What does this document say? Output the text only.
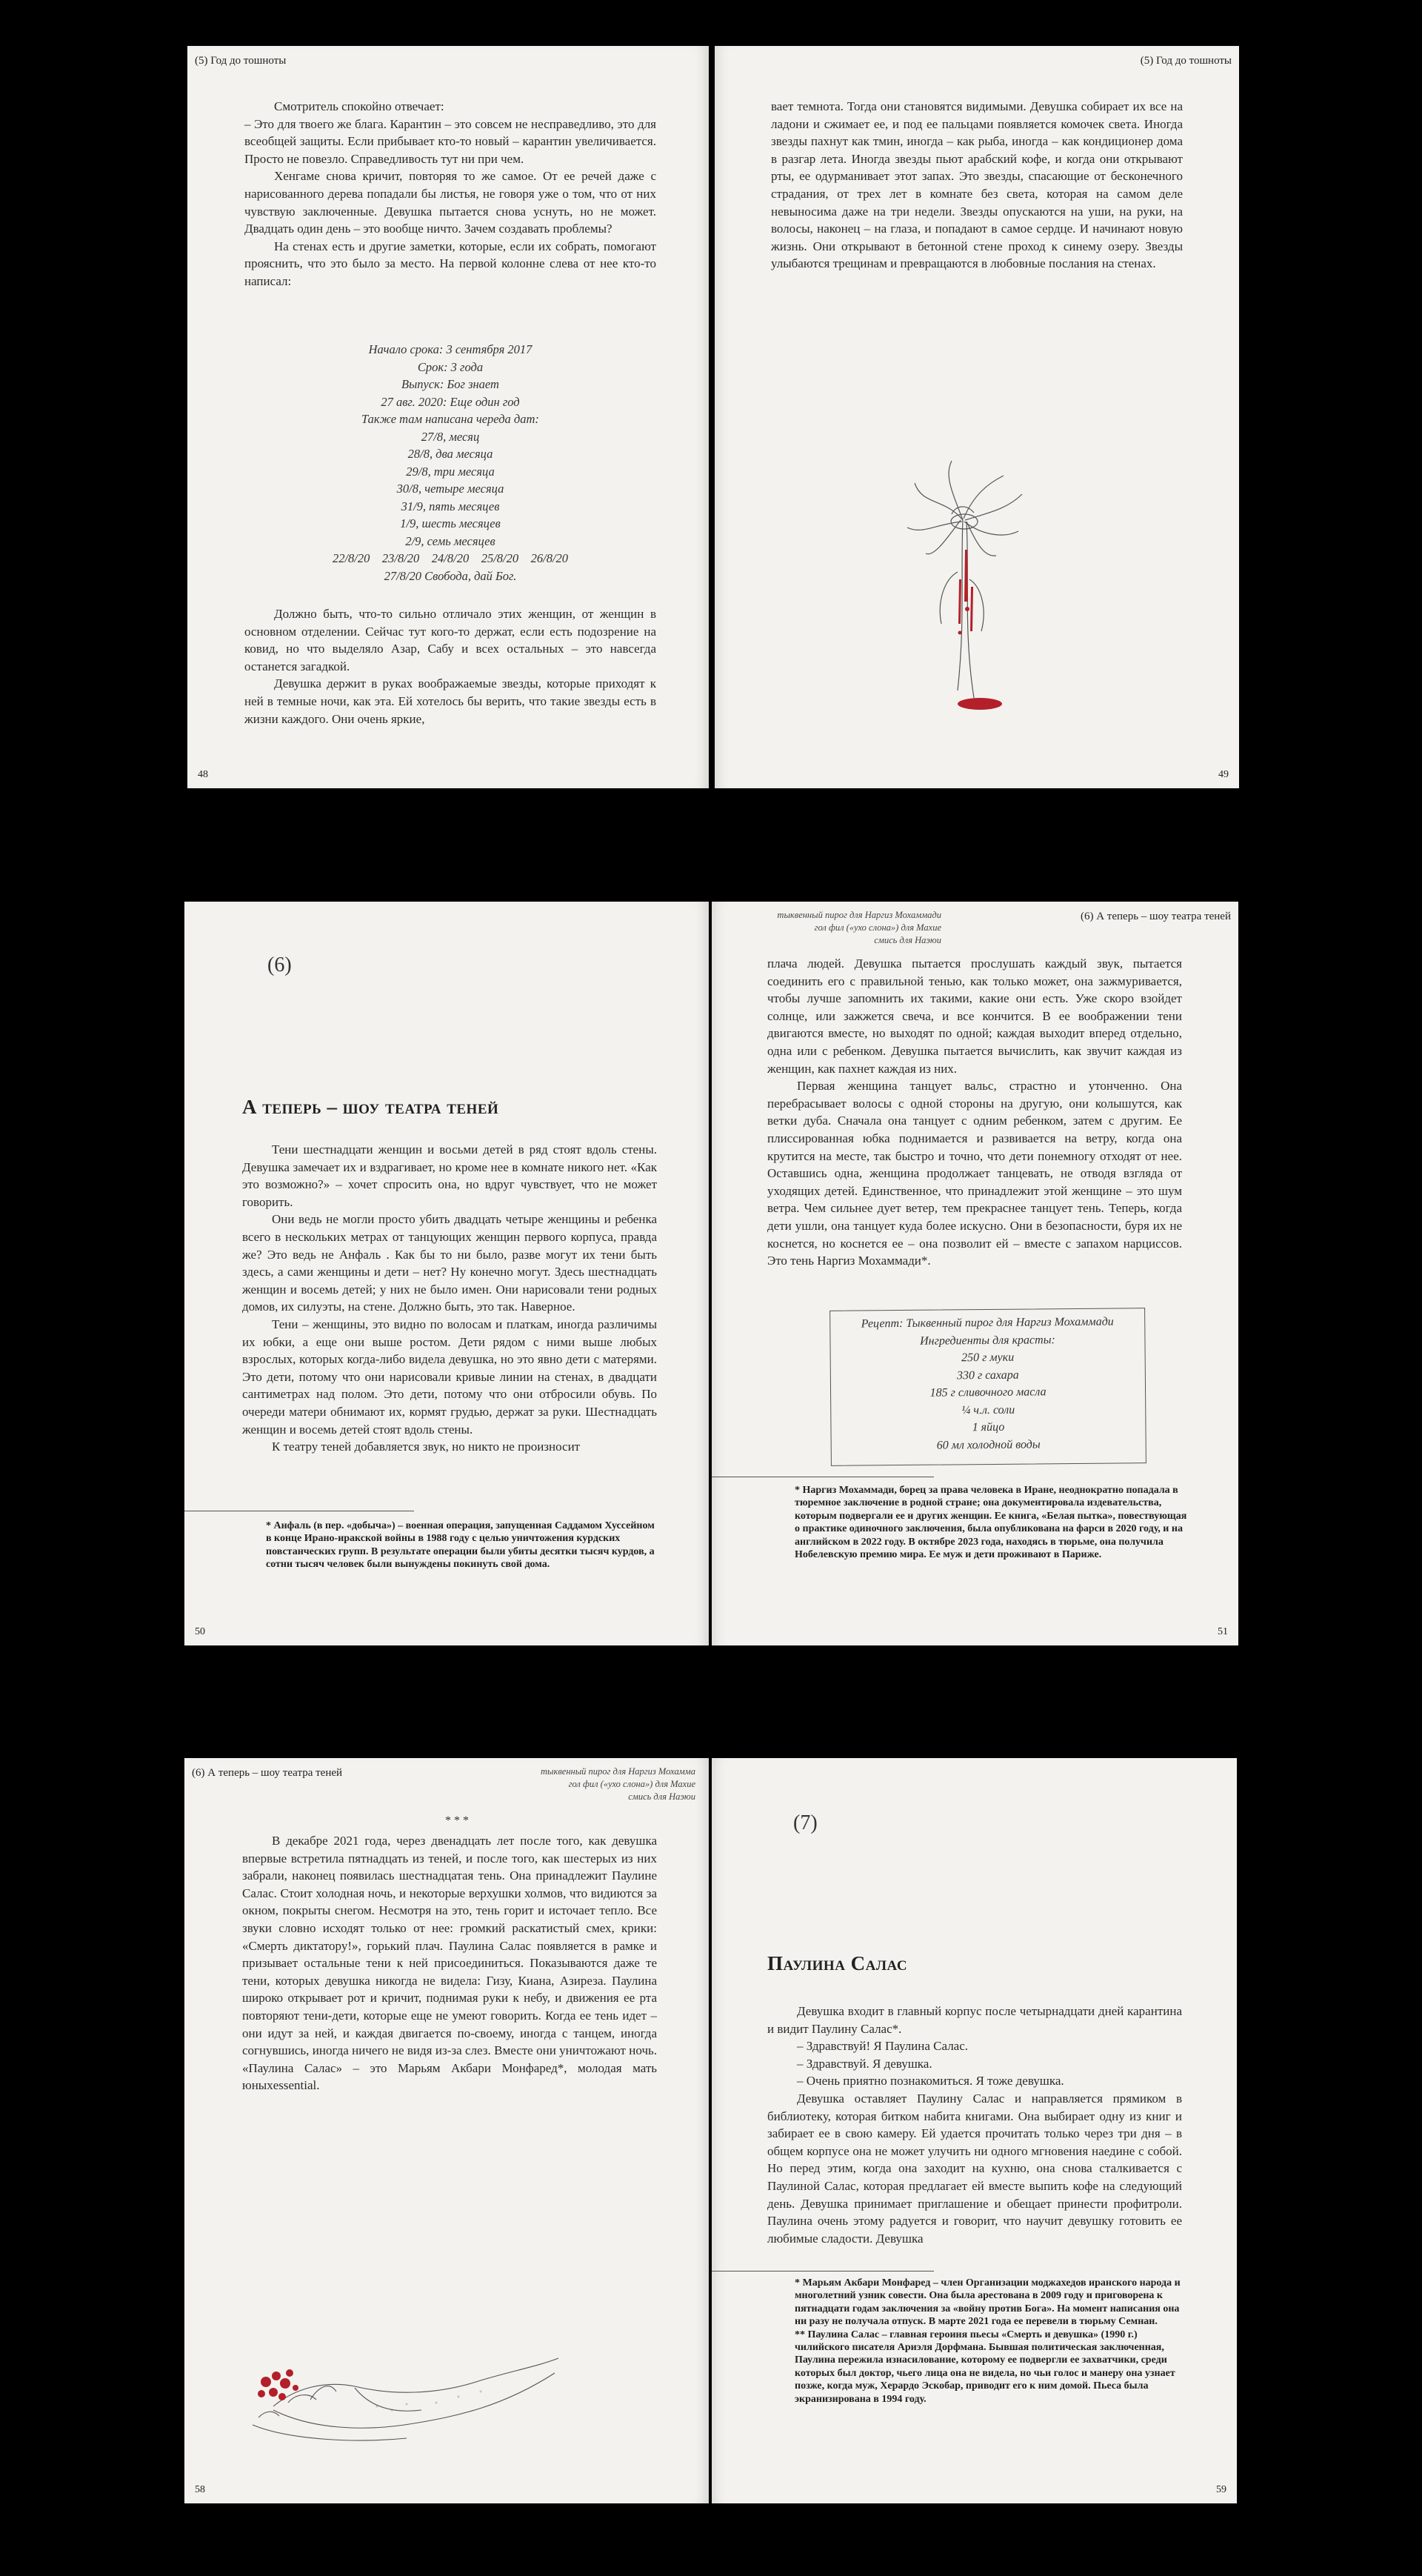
(5) Год до тошноты

Смотритель спокойно отвечает:

– Это для твоего же блага. Карантин – это совсем не несправедливо, это для всеобщей защиты. Если прибывает кто-то новый – карантин увеличивается. Просто не повезло. Справедливость тут ни при чем.

Хенгаме снова кричит, повторяя то же самое. От ее речей даже с нарисованного дерева попадали бы листья, не говоря уже о том, что от них чувствую заключенные. Девушка пытается снова уснуть, но не может. Двадцать один день – это вообще ничто. Зачем создавать проблемы?

На стенах есть и другие заметки, которые, если их собрать, помогают прояснить, что это было за место. На первой колонне слева от нее кто-то написал:

Начало срока: 3 сентября 2017
Срок: 3 года
Выпуск: Бог знает
27 авг. 2020: Еще один год
Также там написана череда дат:
27/8, месяц
28/8, два месяца
29/8, три месяца
30/8, четыре месяца
31/9, пять месяцев
1/9, шесть месяцев
2/9, семь месяцев
22/8/20    23/8/20    24/8/20    25/8/20    26/8/20
27/8/20 Свобода, дай Бог.

Должно быть, что-то сильно отличало этих женщин, от женщин в основном отделении. Сейчас тут кого-то держат, если есть подозрение на ковид, но что выделяло Азар, Сабу и всех остальных – это навсегда останется загадкой.

Девушка держит в руках воображаемые звезды, которые приходят к ней в темные ночи, как эта. Ей хотелось бы верить, что такие звезды есть в жизни каждого. Они очень яркие,

48
(5) Год до тошноты

вает темнота. Тогда они становятся видимыми. Девушка собирает их все на ладони и сжимает ее, и под ее пальцами появляется комочек света. Иногда звезды пахнут как тмин, иногда – как рыба, иногда – как кондиционер дома в разгар лета. Иногда звезды пьют арабский кофе, и когда они открывают рты, ее одурманивает этот запах. Это звезды, спасающие от бесконечного страдания, от трех лет в комнате без света, которая на самом деле невыносима даже на три недели. Звезды опускаются на уши, на руки, на волосы, наконец – на глаза, и попадают в самое сердце. И начинают новую жизнь. Они открывают в бетонной стене проход к синему озеру. Звезды улыбаются трещинам и превращаются в любовные послания на стенах.

49
(6)
А теперь – шоу театра теней

Тени шестнадцати женщин и восьми детей в ряд стоят вдоль стены. Девушка замечает их и вздрагивает, но кроме нее в комнате никого нет. «Как это возможно?» – хочет спросить она, но вдруг чувствует, что не может говорить.

Они ведь не могли просто убить двадцать четыре женщины и ребенка всего в нескольких метрах от танцующих женщин первого корпуса, правда же? Это ведь не Анфаль . Как бы то ни было, разве могут их тени быть здесь, а сами женщины и дети – нет? Ну конечно могут. Здесь шестнадцать женщин и восемь детей; у них не было имен. Они нарисовали тени родных домов, их силуэты, на стене. Должно быть, это так. Наверное.

Тени – женщины, это видно по волосам и платкам, иногда различимы их юбки, а еще они выше ростом. Дети рядом с ними выше любых взрослых, которых когда-либо видела девушка, но это явно дети с матерями. Это дети, потому что они нарисовали кривые линии на стенах, в двадцати сантиметрах над полом. Это дети, потому что они отбросили обувь. По очереди матери обнимают их, кормят грудью, держат за руки. Шестнадцать женщин и восемь детей стоят вдоль стены.

К театру теней добавляется звук, но никто не произносит

* Анфаль (в пер. «добыча») – военная операция, запущенная Саддамом Хуссейном в конце Ирано-иракской войны в 1988 году с целью уничтожения курдских повстанческих групп. В результате операции были убиты десятки тысяч курдов, а сотни тысяч человек были вынуждены покинуть свой дома.

50
тыквенный пирог для Наргиз Мохаммади
гол фил («ухо слона») для Махие
смись для Наэюи
(6) А теперь – шоу театра теней

плача людей. Девушка пытается прослушать каждый звук, пытается соединить его с правильной тенью, как только может, она зажмуривается, чтобы лучше запомнить их такими, какие они есть. Уже скоро взойдет солнце, или зажжется свеча, и все кончится. В ее воображении тени двигаются вместе, но выходят по одной; каждая выходит вперед отдельно, одна или с ребенком. Девушка пытается вычислить, как звучит каждая из женщин, как пахнет каждая из них.

Первая женщина танцует вальс, страстно и утонченно. Она перебрасывает волосы с одной стороны на другую, они колышутся, как ветки дуба. Сначала она танцует с одним ребенком, затем с другим. Ее плиссированная юбка поднимается и развивается на ветру, когда она крутится на месте, так быстро и точно, что дети понемногу отходят от нее. Оставшись одна, женщина продолжает танцевать, не отводя взгляда от уходящих детей. Единственное, что принадлежит этой женщине – это шум ветра. Чем сильнее дует ветер, тем прекраснее танцует тень. Теперь, когда дети ушли, она танцует куда более искусно. Они в безопасности, буря их не коснется, но коснется ее – она позволит ей – вместе с запахом нарциссов. Это тень Наргиз Мохаммади*.

Рецепт: Тыквенный пирог для Наргиз Мохаммади
Ингредиенты для красты:
250 г муки
330 г сахара
185 г сливочного масла
¼ ч.л. соли
1 яйцо
60 мл холодной воды

* Наргиз Мохаммади, борец за права человека в Иране, неоднократно попадала в тюремное заключение в родной стране; она документировала издевательства, которым подвергали ее и других женщин. Ее книга, «Белая пытка», повествующая о практике одиночного заключения, была опубликована на фарси в 2020 году, и на английском в 2022 году. В октябре 2023 года, находясь в тюрьме, она получила Нобелевскую премию мира. Ее муж и дети проживают в Париже.

51
(6) А теперь – шоу театра теней	тыквенный пирог для Наргиз Мохамма
гол фил («ухо слона») для Махие
смись для Наэюи
***

В декабре 2021 года, через двенадцать лет после того, как девушка впервые встретила пятнадцать из теней, и после того, как шестерых из них забрали, наконец появилась шестнадцатая тень. Она принадлежит Паулине Салас. Стоит холодная ночь, и некоторые верхушки холмов, что видиются за окном, покрыты снегом. Несмотря на это, тень горит и источает тепло. Все звуки словно исходят только от нее: громкий раскатистый смех, крики: «Смерть диктатору!», горький плач. Паулина Салас появляется в рамке и призывает остальные тени к ней присоединиться. Показываются даже те тени, которых девушка никогда не видела: Гизу, Киана, Азиреза. Паулина широко открывает рот и кричит, поднимая руки к небу, и движения ее рта повторяют тени-дети, которые еще не умеют говорить. Когда ее тень идет – они идут за ней, и каждая двигается по-своему, иногда с танцем, иногда согнувшись, иногда ничего не видя из-за слез. Вместе они уничтожают ночь. «Паулина Салас» – это Марьям Акбари Монфаред*, молодая мать юныхessential.

58
(7)
Паулина Салас

Девушка входит в главный корпус после четырнадцати дней карантина и видит Паулину Салас*.

– Здравствуй! Я Паулина Салас.

– Здравствуй. Я девушка.

– Очень приятно познакомиться. Я тоже девушка.

Девушка оставляет Паулину Салас и направляется прямиком в библиотеку, которая битком набита книгами. Она выбирает одну из книг и забирает ее в свою камеру. Ей удается прочитать только через три дня – в общем корпусе она не может улучить ни одного мгновения наедине с собой. Но перед этим, когда она заходит на кухню, она снова сталкивается с Паулиной Салас, которая предлагает ей вместе выпить кофе на следующий день. Девушка принимает приглашение и обещает принести профитроли. Паулина очень этому радуется и говорит, что научит девушку готовить ее любимые сладости. Девушка

* Марьям Акбари Монфаред – член Организации моджахедов иранского народа и многолетний узник совести. Она была арестована в 2009 году и приговорена к пятнадцати годам заключения за «войну против Бога». На момент написания она ни разу не получала отпуск. В марте 2021 года ее перевели в тюрьму Семнан.

** Паулина Салас – главная героиня пьесы «Смерть и девушка» (1990 г.) чилийского писателя Ариэля Дорфмана. Бывшая политическая заключенная, Паулина пережила изнасилование, которому ее подвергли ее захватчики, среди которых был доктор, чьего лица она не видела, но чьи голос и манеру она узнает позже, когда муж, Херардо Эскобар, приводит его к ним домой. Пьеса была экранизирована в 1994 году.

59
